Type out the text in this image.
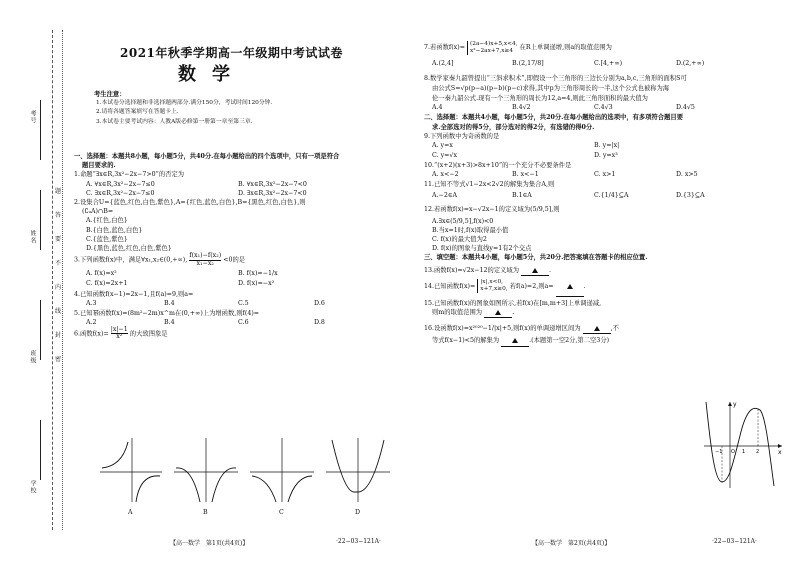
考号
姓名
班级
学校
题
答
要
不
内
线
封
密
2021年秋季学期高一年级期中考试试卷
数学
考生注意：
1.本试卷分选择题和非选择题两部分.满分150分，考试时间120分钟.
2.请将各题答案填写在答题卡上.
3.本试卷主要考试内容：人教A版必修第一册第一章至第三章.
一、选择题：本题共8小题，每小题5分，共40分.在每小题给出的四个选项中，只有一项是符合
题目要求的.
1.命题“∃x∈R,3x²−2x−7>0”的否定为
A. ∀x∈R,3x²−2x−7≤0	B. ∀x∈R,3x²−2x−7<0
C. ∃x∈R,3x²−2x−7≤0	D. ∃x∈R,3x²−2x−7<0
2.设集合U={蓝色,红色,白色,紫色},A={红色,蓝色,白色},B={黑色,红色,白色},则
(∁ᵤA)∩B=
A.{红色,白色}
B.{白色,蓝色,白色}
C.{蓝色,紫色}
D.{黑色,蓝色,红色,白色,紫色}
3.下列函数f(x)中，满足∀x₁,x₂∈(0,+∞), $\frac{\text{f(x₁)−f(x₂)}}{\text{x₁−x₂}} <0$的是
A. f(x)=x²	B. f(x)=−1/x
C. f(x)=2x+1	D. f(x)=−x²
4.已知函数f(x−1)=2x−1,且f(a)=9,则a=
A.3	B.4	C.5	D.6
5.已知幂函数f(x)=(8m²−2m)x^m在(0,+∞)上为增函数,则f(4)=
A.2	B.4	C.6	D.8
6.函数$f(x)= \frac{|x|-1}{\text{x²}}$ 的大致图象是
A	B	C	D
【高一数学　第1页(共4页)】	·22−03−121A·
7.若函数f(x)=
(2a−4)x+5,x<4,
x²−2ax+7,x≥4	在R上单调递增,则a的取值范围为
A.(2,4]	B.(2,17/8]	C.[4,+∞)	D.(2,+∞)
8.数学家秦九韶曾提出“三斜求积术”,即假设一个三角形的三边长分别为a,b,c,三角形的面积S可
由公式S=√p(p−a)(p−b)(p−c)求得,其中p为三角形周长的一半,这个公式也被称为海
伦一秦九韶公式.现有一个三角形的周长为12,a=4,则此三角形面积的最大值为
A.4	B.4√2	C.4√3	D.4√5
二、选择题：本题共4小题，每小题5分，共20分.在每小题给出的选项中，有多项符合题目要
求.全部选对的得5分，部分选对的得2分，有选错的得0分.
9.下列函数中为奇函数的是
A. y=x	B. y=|x|
C. y=√x	D. y=x³
10.“(x+2)(x+3)>8x+10”的一个充分不必要条件是
A. x<−2	B. x<−1	C. x>1	D. x>5
11.已知不等式√1−2x<2√2的解集为集合A,则
A.−2∈A	B.1∈A	C.{1/4}⊆A	D.{3}⊆A
12.若函数f(x)=x−√2x−1的定义域为(5/9,5],则
A.∃x∈(5/9,5],f(x)<0
B.当x=1时,f(x)取得最小值
C. f(x)的最大值为2
D. f(x)的图象与直线y=1有2个交点
三、填空题：本题共4小题，每小题5分，共20分.把答案填在答题卡的相应位置.
13.函数f(x)=√2x−12的定义域为	.
14.已知函数f(x)=
|x|,x<0,
x+7,x≥0, 若f(a)=2,则a=	.
15.已知函数f(x)的图象如图所示,若f(x)在[m,m+3]上单调递减,
则m的取值范围为	.
16.设函数f(x)=x²⁰²⁰−1/|x|+5,则f(x)的单调递增区间为	,不
等式f(x−1)<5的解集为	.(本题第一空2分,第二空3分)
x
y
O
−1	1 2
【高一数学　第2页(共4页)】	·22−03−121A·
